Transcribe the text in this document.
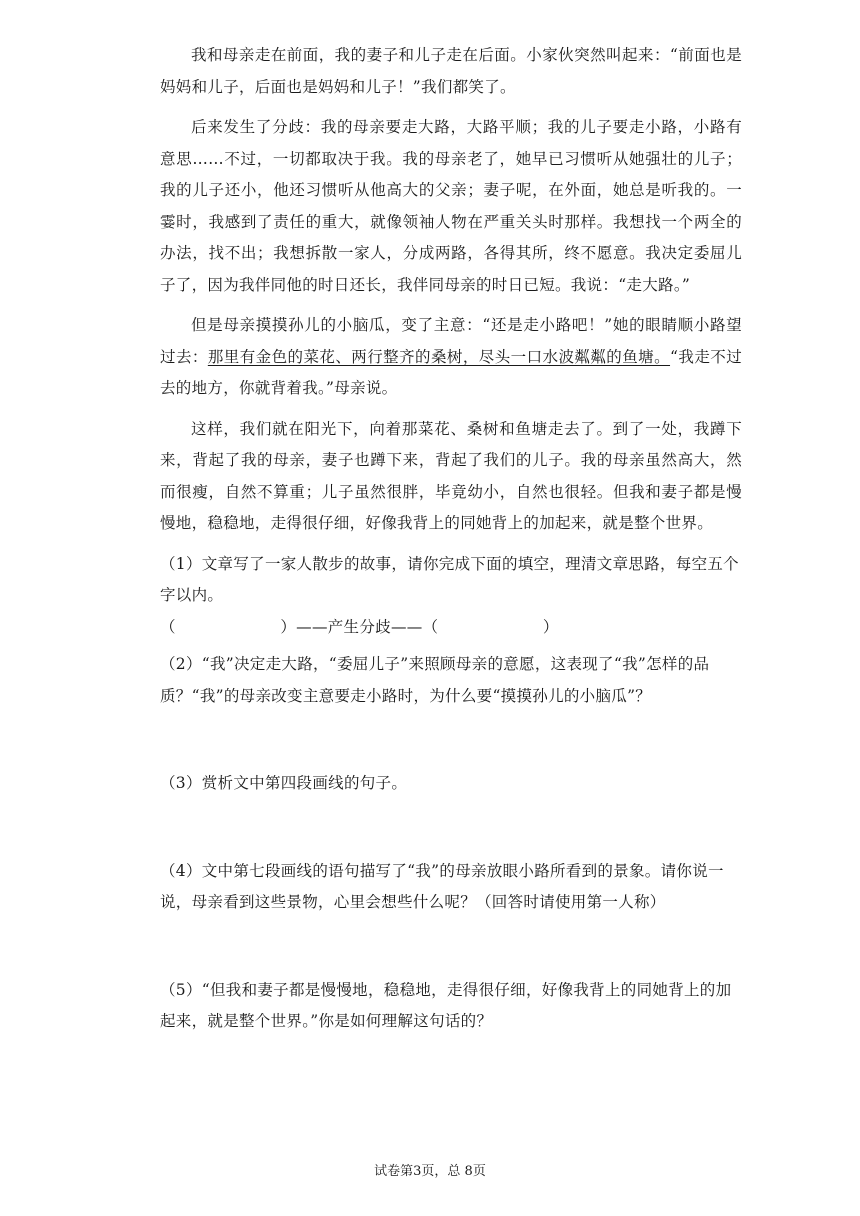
我和母亲走在前面，我的妻子和儿子走在后面。小家伙突然叫起来：“前面也是妈妈和儿子，后面也是妈妈和儿子！”我们都笑了。

后来发生了分歧：我的母亲要走大路，大路平顺；我的儿子要走小路，小路有意思……不过，一切都取决于我。我的母亲老了，她早已习惯听从她强壮的儿子；我的儿子还小，他还习惯听从他高大的父亲；妻子呢，在外面，她总是听我的。一霎时，我感到了责任的重大，就像领袖人物在严重关头时那样。我想找一个两全的办法，找不出；我想拆散一家人，分成两路，各得其所，终不愿意。我决定委屈儿子了，因为我伴同他的时日还长，我伴同母亲的时日已短。我说：“走大路。”

但是母亲摸摸孙儿的小脑瓜，变了主意：“还是走小路吧！”她的眼睛顺小路望过去：那里有金色的菜花、两行整齐的桑树，尽头一口水波粼粼的鱼塘。“我走不过去的地方，你就背着我。”母亲说。

这样，我们就在阳光下，向着那菜花、桑树和鱼塘走去了。到了一处，我蹲下来，背起了我的母亲，妻子也蹲下来，背起了我们的儿子。我的母亲虽然高大，然而很瘦，自然不算重；儿子虽然很胖，毕竟幼小，自然也很轻。但我和妻子都是慢慢地，稳稳地，走得很仔细，好像我背上的同她背上的加起来，就是整个世界。

（1）文章写了一家人散步的故事，请你完成下面的填空，理清文章思路，每空五个字以内。

（                    ）——产生分歧——（                    ）

（2）“我”决定走大路，“委屈儿子”来照顾母亲的意愿，这表现了“我”怎样的品质？“我”的母亲改变主意要走小路时，为什么要“摸摸孙儿的小脑瓜”？

（3）赏析文中第四段画线的句子。

（4）文中第七段画线的语句描写了“我”的母亲放眼小路所看到的景象。请你说一说，母亲看到这些景物，心里会想些什么呢？（回答时请使用第一人称）

（5）“但我和妻子都是慢慢地，稳稳地，走得很仔细，好像我背上的同她背上的加起来，就是整个世界。”你是如何理解这句话的？

试卷第3页，总 8页
